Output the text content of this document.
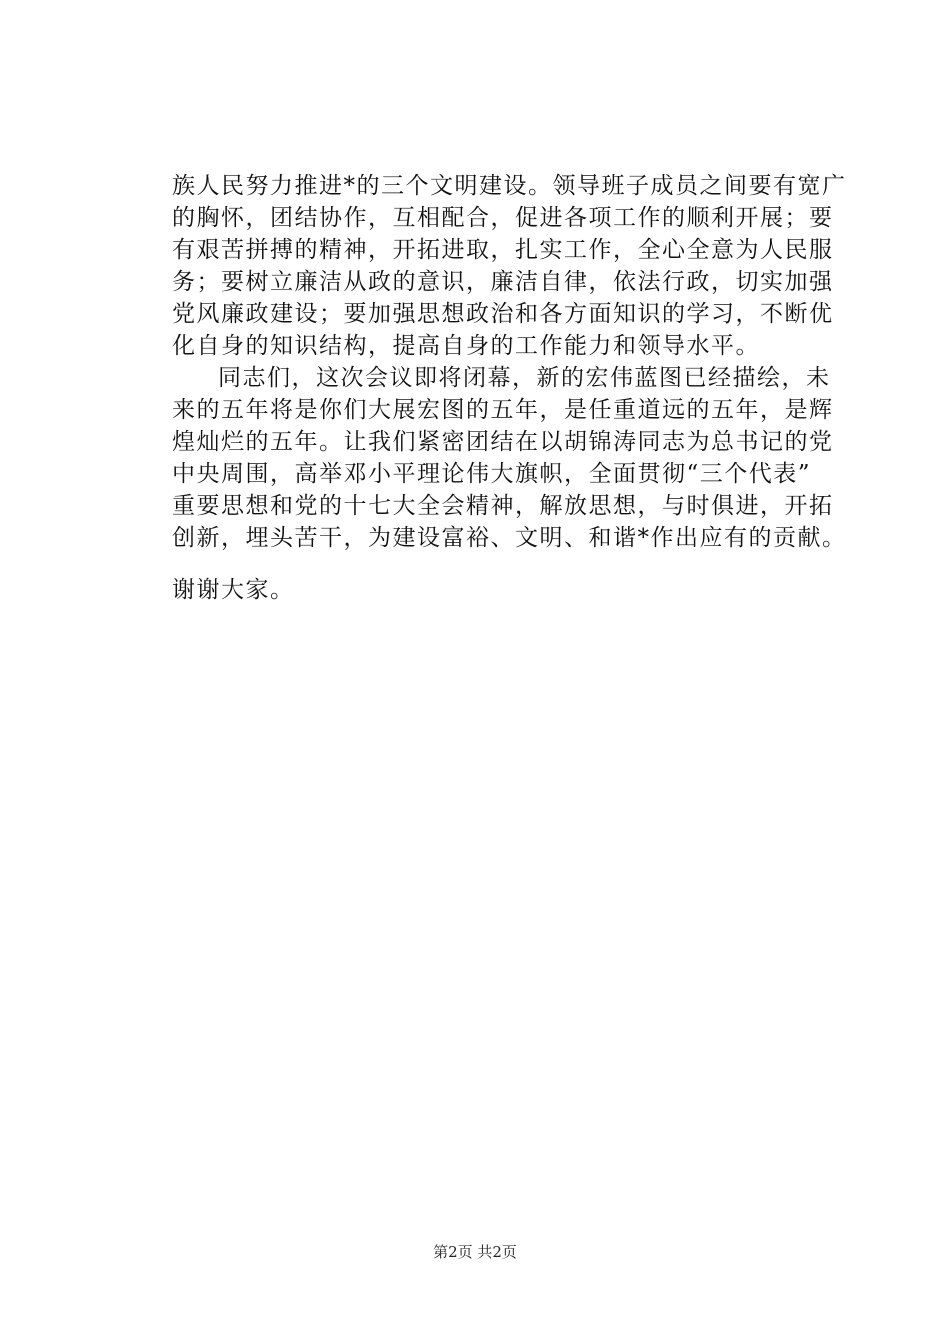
族人民努力推进*的三个文明建设。领导班子成员之间要有宽广
的胸怀，团结协作，互相配合，促进各项工作的顺利开展；要
有艰苦拼搏的精神，开拓进取，扎实工作，全心全意为人民服
务；要树立廉洁从政的意识，廉洁自律，依法行政，切实加强
党风廉政建设；要加强思想政治和各方面知识的学习，不断优
化自身的知识结构，提高自身的工作能力和领导水平。
同志们，这次会议即将闭幕，新的宏伟蓝图已经描绘，未
来的五年将是你们大展宏图的五年，是任重道远的五年，是辉
煌灿烂的五年。让我们紧密团结在以胡锦涛同志为总书记的党
中央周围，高举邓小平理论伟大旗帜，全面贯彻“三个代表”
重要思想和党的十七大全会精神，解放思想，与时俱进，开拓
创新，埋头苦干，为建设富裕、文明、和谐*作出应有的贡献。
谢谢大家。
第2页 共2页
